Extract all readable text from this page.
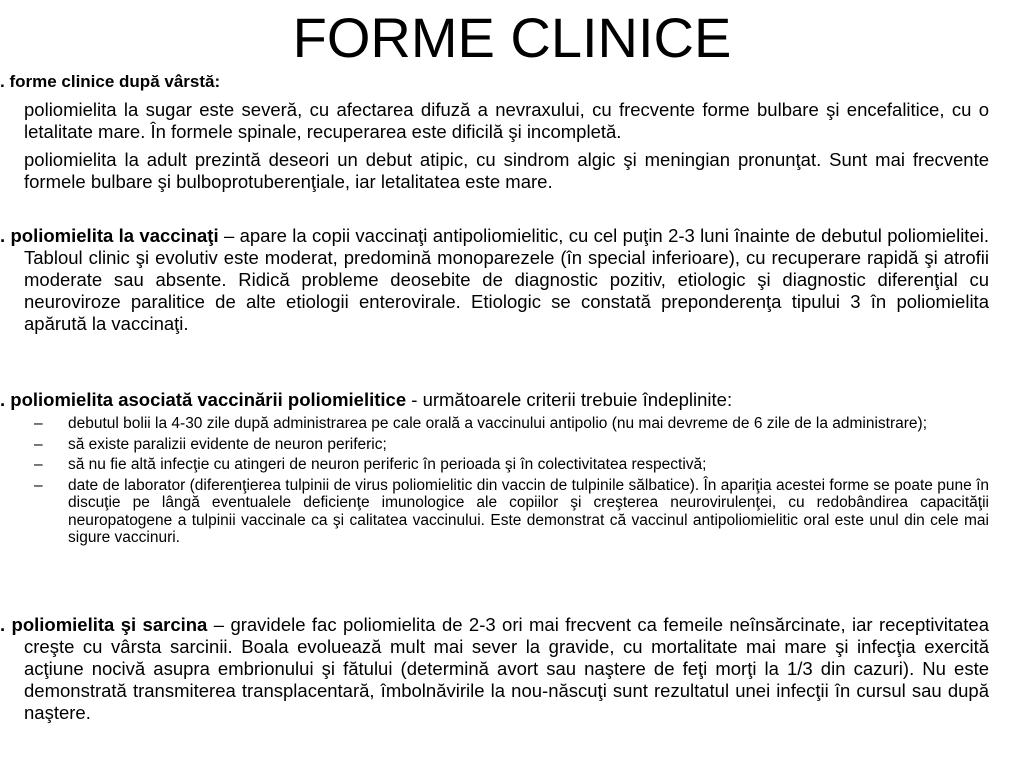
FORME CLINICE

. forme clinice după vârstă:

poliomielita la sugar este severă, cu afectarea difuză a nevraxului, cu frecvente forme bulbare şi encefalitice, cu o letalitate mare. În formele spinale, recuperarea este dificilă şi incompletă.

poliomielita la adult prezintă deseori un debut atipic, cu sindrom algic şi meningian pronunţat. Sunt mai frecvente formele bulbare şi bulboprotuberenţiale, iar letalitatea este mare.

. poliomielita la vaccinaţi – apare la copii vaccinaţi antipoliomielitic, cu cel puţin 2-3 luni înainte de debutul poliomielitei. Tabloul clinic şi evolutiv este moderat, predomină monoparezele (în special inferioare), cu recuperare rapidă şi atrofii moderate sau absente. Ridică probleme deosebite de diagnostic pozitiv, etiologic şi diagnostic diferenţial cu neuroviroze paralitice de alte etiologii enterovirale. Etiologic se constată preponderenţa tipului 3 în poliomielita apărută la vaccinaţi.

. poliomielita asociată vaccinării poliomielitice - următoarele criterii trebuie îndeplinite:

– debutul bolii la 4-30 zile după administrarea pe cale orală a vaccinului antipolio (nu mai devreme de 6 zile de la administrare);

– să existe paralizii evidente de neuron periferic;

– să nu fie altă infecţie cu atingeri de neuron periferic în perioada şi în colectivitatea respectivă;

– date de laborator (diferenţierea tulpinii de virus poliomielitic din vaccin de tulpinile sălbatice). În apariţia acestei forme se poate pune în discuţie pe lângă eventualele deficienţe imunologice ale copiilor şi creşterea neurovirulenţei, cu redobândirea capacităţii neuropatogene a tulpinii vaccinale ca şi calitatea vaccinului. Este demonstrat că vaccinul antipoliomielitic oral este unul din cele mai sigure vaccinuri.

. poliomielita şi sarcina – gravidele fac poliomielita de 2-3 ori mai frecvent ca femeile neînsărcinate, iar receptivitatea creşte cu vârsta sarcinii. Boala evoluează mult mai sever la gravide, cu mortalitate mai mare şi infecţia exercită acţiune nocivă asupra embrionului şi fătului (determină avort sau naştere de feţi morţi la 1/3 din cazuri). Nu este demonstrată transmiterea transplacentară, îmbolnăvirile la nou-născuţi sunt rezultatul unei infecţii în cursul sau după naştere.
